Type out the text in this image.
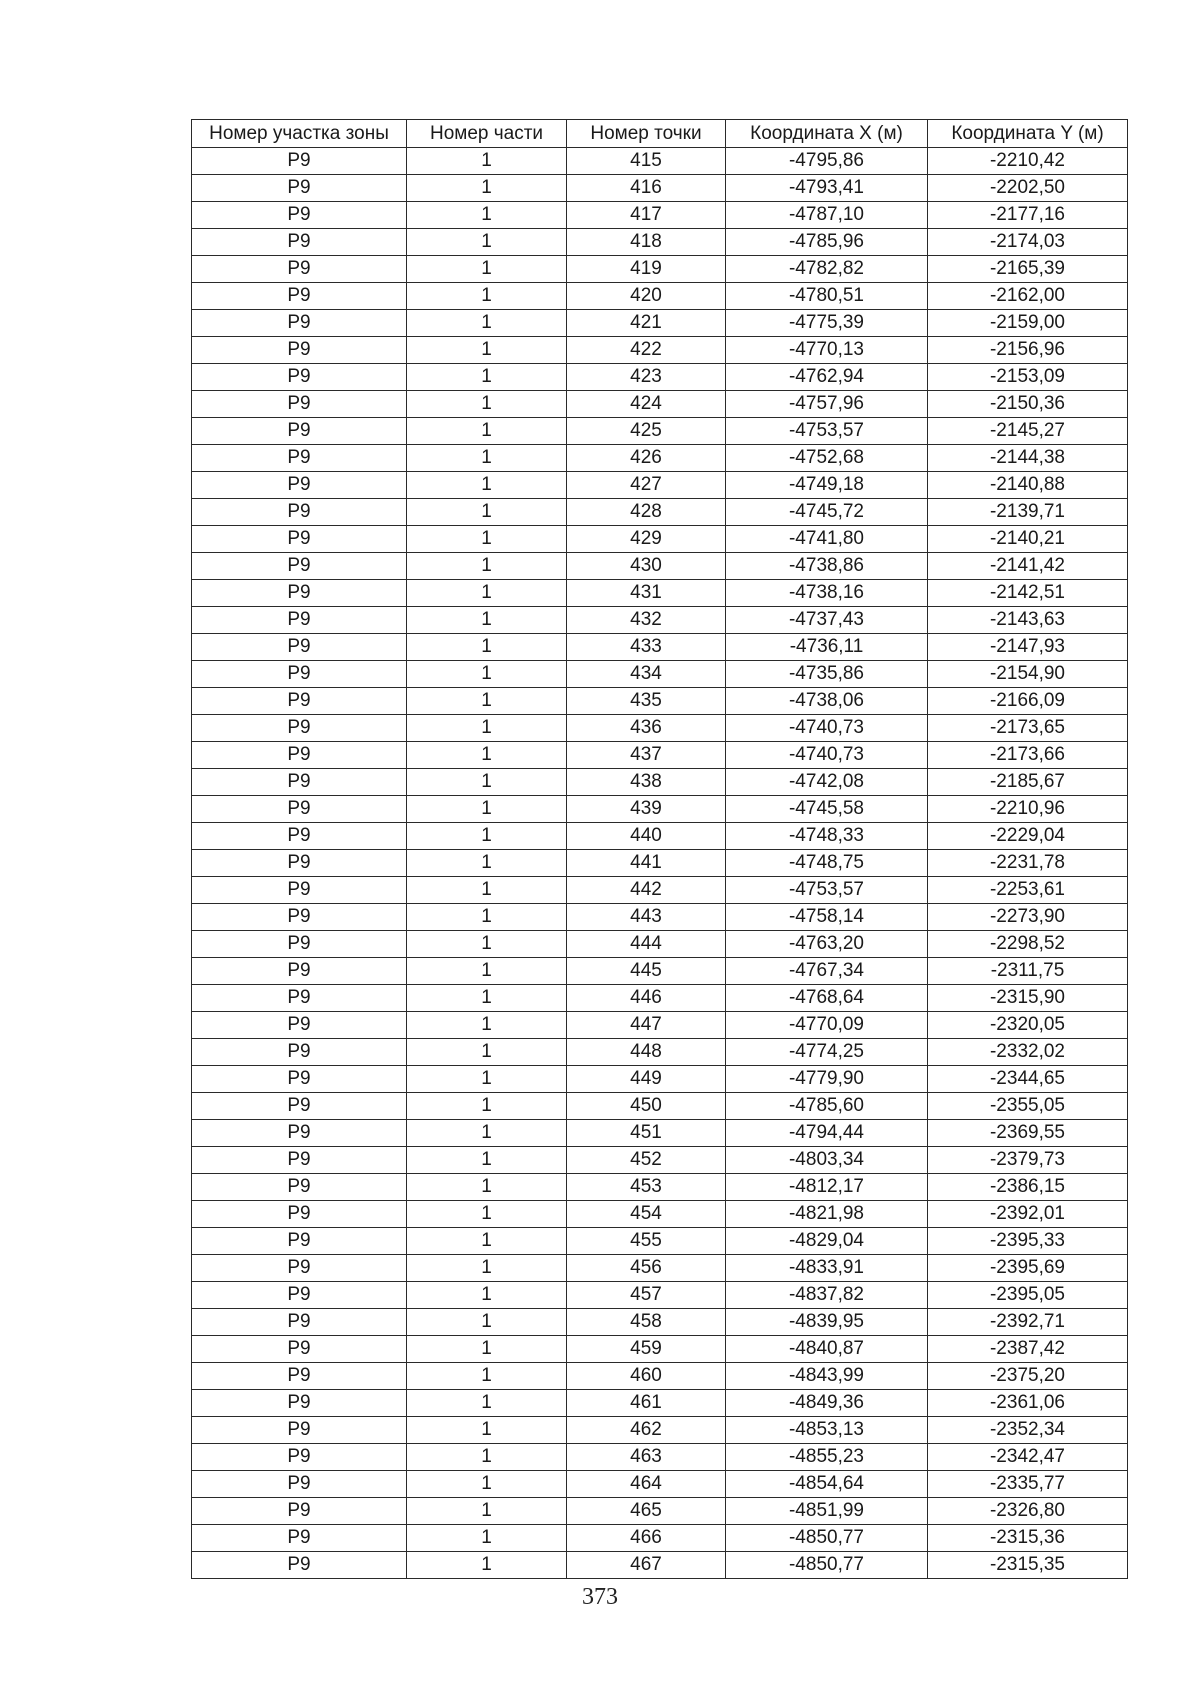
Номер участка зоны	Номер части	Номер точки	Координата X (м)	Координата Y (м)
Р9	1	415	-4795,86	-2210,42
Р9	1	416	-4793,41	-2202,50
Р9	1	417	-4787,10	-2177,16
Р9	1	418	-4785,96	-2174,03
Р9	1	419	-4782,82	-2165,39
Р9	1	420	-4780,51	-2162,00
Р9	1	421	-4775,39	-2159,00
Р9	1	422	-4770,13	-2156,96
Р9	1	423	-4762,94	-2153,09
Р9	1	424	-4757,96	-2150,36
Р9	1	425	-4753,57	-2145,27
Р9	1	426	-4752,68	-2144,38
Р9	1	427	-4749,18	-2140,88
Р9	1	428	-4745,72	-2139,71
Р9	1	429	-4741,80	-2140,21
Р9	1	430	-4738,86	-2141,42
Р9	1	431	-4738,16	-2142,51
Р9	1	432	-4737,43	-2143,63
Р9	1	433	-4736,11	-2147,93
Р9	1	434	-4735,86	-2154,90
Р9	1	435	-4738,06	-2166,09
Р9	1	436	-4740,73	-2173,65
Р9	1	437	-4740,73	-2173,66
Р9	1	438	-4742,08	-2185,67
Р9	1	439	-4745,58	-2210,96
Р9	1	440	-4748,33	-2229,04
Р9	1	441	-4748,75	-2231,78
Р9	1	442	-4753,57	-2253,61
Р9	1	443	-4758,14	-2273,90
Р9	1	444	-4763,20	-2298,52
Р9	1	445	-4767,34	-2311,75
Р9	1	446	-4768,64	-2315,90
Р9	1	447	-4770,09	-2320,05
Р9	1	448	-4774,25	-2332,02
Р9	1	449	-4779,90	-2344,65
Р9	1	450	-4785,60	-2355,05
Р9	1	451	-4794,44	-2369,55
Р9	1	452	-4803,34	-2379,73
Р9	1	453	-4812,17	-2386,15
Р9	1	454	-4821,98	-2392,01
Р9	1	455	-4829,04	-2395,33
Р9	1	456	-4833,91	-2395,69
Р9	1	457	-4837,82	-2395,05
Р9	1	458	-4839,95	-2392,71
Р9	1	459	-4840,87	-2387,42
Р9	1	460	-4843,99	-2375,20
Р9	1	461	-4849,36	-2361,06
Р9	1	462	-4853,13	-2352,34
Р9	1	463	-4855,23	-2342,47
Р9	1	464	-4854,64	-2335,77
Р9	1	465	-4851,99	-2326,80
Р9	1	466	-4850,77	-2315,36
Р9	1	467	-4850,77	-2315,35
373
